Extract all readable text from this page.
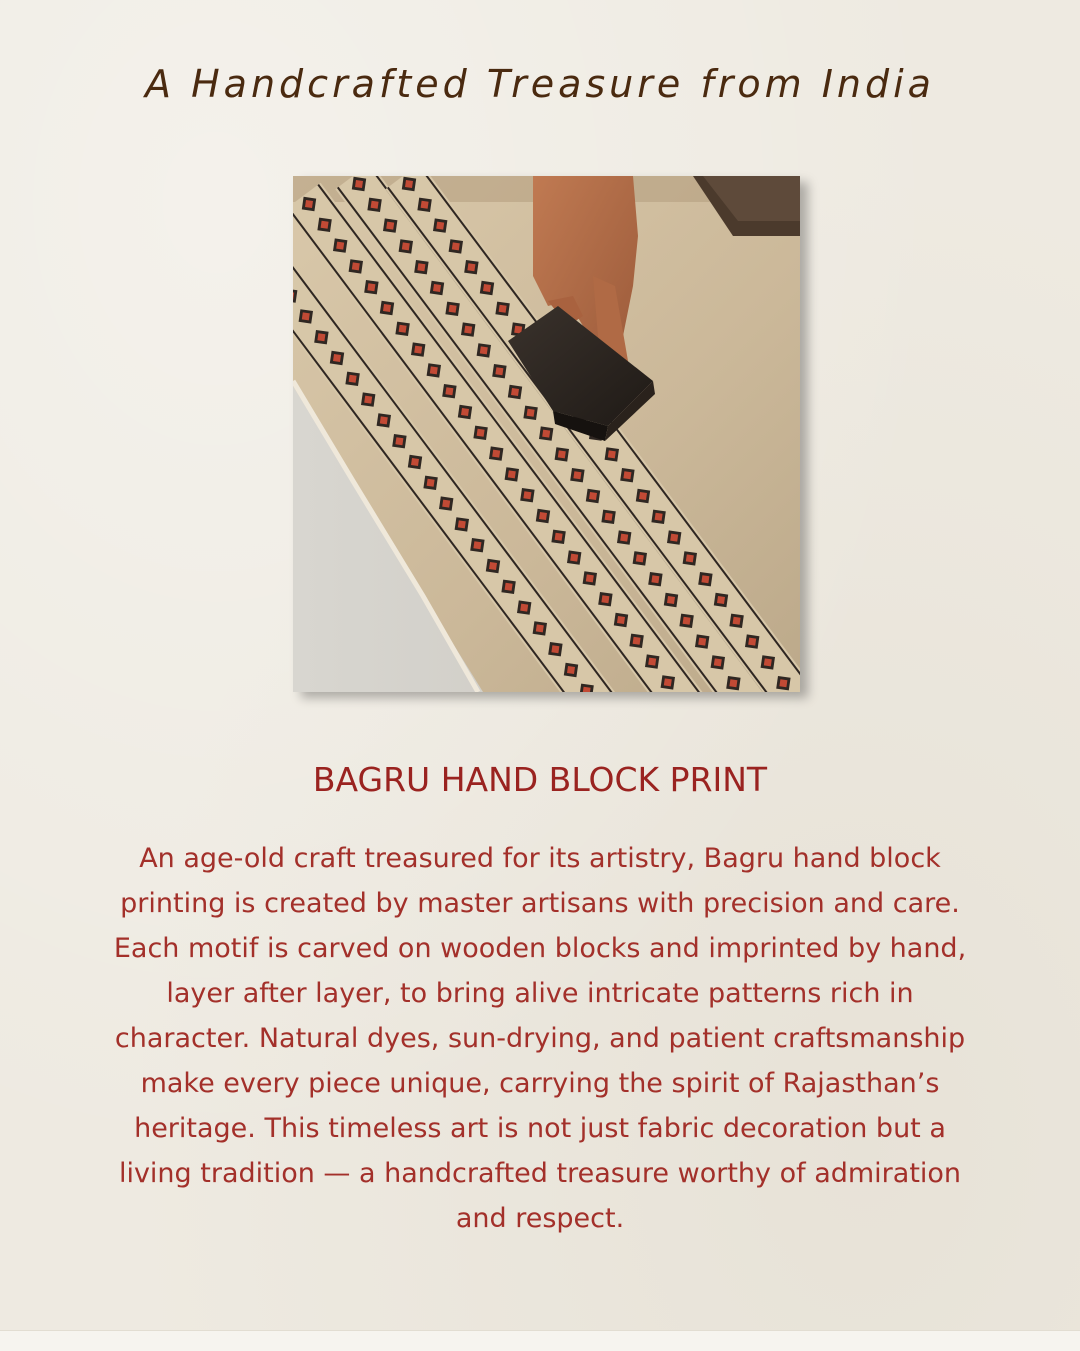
A Handcrafted Treasure from India
BAGRU HAND BLOCK PRINT
An age-old craft treasured for its artistry, Bagru hand block printing is created by master artisans with precision and care. Each motif is carved on wooden blocks and imprinted by hand, layer after layer, to bring alive intricate patterns rich in character. Natural dyes, sun-drying, and patient craftsmanship make every piece unique, carrying the spirit of Rajasthan’s heritage. This timeless art is not just fabric decoration but a living tradition — a handcrafted treasure worthy of admiration and respect.
